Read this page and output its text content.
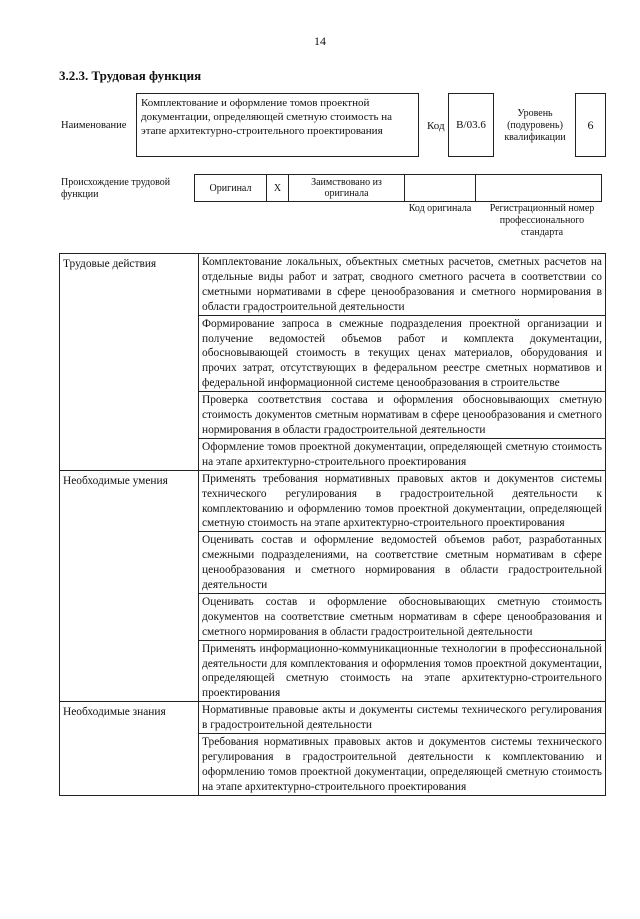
14
3.2.3. Трудовая функция
Наименование
Комплектование и оформление томов проектной документации, определяющей сметную стоимость на этапе архитектурно-строительного проектирования	Код	B/03.6
Уровень (подуровень) квалификации
6
Происхождение трудовой функции
Оригинал	X	Заимствовано из оригинала
Код оригинала	Регистрационный номер профессионального стандарта
Трудовые действия	Комплектование локальных, объектных сметных расчетов, сметных расчетов на отдельные виды работ и затрат, сводного сметного расчета в соответствии со сметными нормативами в сфере ценообразования и сметного нормирования в области градостроительной деятельности
	Формирование запроса в смежные подразделения проектной организации и получение ведомостей объемов работ и комплекта документации, обосновывающей стоимость в текущих ценах материалов, оборудования и прочих затрат, отсутствующих в федеральном реестре сметных нормативов и федеральной информационной системе ценообразования в строительстве
	Проверка соответствия состава и оформления обосновывающих сметную стоимость документов сметным нормативам в сфере ценообразования и сметного нормирования в области градостроительной деятельности
	Оформление томов проектной документации, определяющей сметную стоимость на этапе архитектурно-строительного проектирования
Необходимые умения	Применять требования нормативных правовых актов и документов системы технического регулирования в градостроительной деятельности к комплектованию и оформлению томов проектной документации, определяющей сметную стоимость на этапе архитектурно-строительного проектирования
	Оценивать состав и оформление ведомостей объемов работ, разработанных смежными подразделениями, на соответствие сметным нормативам в сфере ценообразования и сметного нормирования в области градостроительной деятельности
	Оценивать состав и оформление обосновывающих сметную стоимость документов на соответствие сметным нормативам в сфере ценообразования и сметного нормирования в области градостроительной деятельности
	Применять информационно-коммуникационные технологии в профессиональной деятельности для комплектования и оформления томов проектной документации, определяющей сметную стоимость на этапе архитектурно-строительного проектирования
Необходимые знания	Нормативные правовые акты и документы системы технического регулирования в градостроительной деятельности
	Требования нормативных правовых актов и документов системы технического регулирования в градостроительной деятельности к комплектованию и оформлению томов проектной документации, определяющей сметную стоимость на этапе архитектурно-строительного проектирования
